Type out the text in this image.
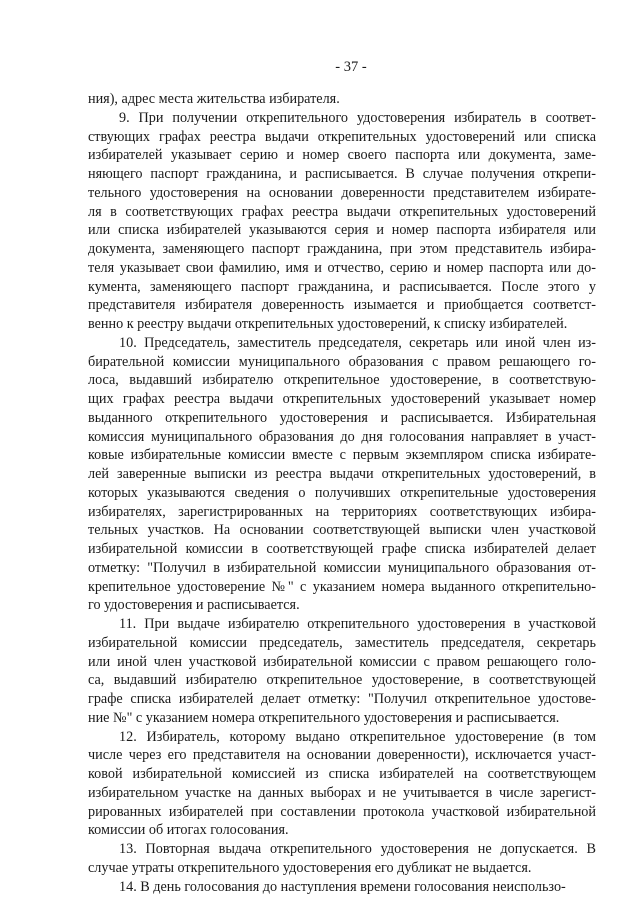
- 37 -
ния), адрес места жительства избирателя.
9. При получении открепительного удостоверения избиратель в соответ-
ствующих графах реестра выдачи открепительных удостоверений или списка
избирателей указывает серию и номер своего паспорта или документа, заме-
няющего паспорт гражданина, и расписывается. В случае получения открепи-
тельного удостоверения на основании доверенности представителем избирате-
ля в соответствующих графах реестра выдачи открепительных удостоверений
или списка избирателей указываются серия и номер паспорта избирателя или
документа, заменяющего паспорт гражданина, при этом представитель избира-
теля указывает свои фамилию, имя и отчество, серию и номер паспорта или до-
кумента, заменяющего паспорт гражданина, и расписывается. После этого у
представителя избирателя доверенность изымается и приобщается соответст-
венно к реестру выдачи открепительных удостоверений, к списку избирателей.
10. Председатель, заместитель председателя, секретарь или иной член из-
бирательной комиссии муниципального образования с правом решающего го-
лоса, выдавший избирателю открепительное удостоверение, в соответствую-
щих графах реестра выдачи открепительных удостоверений указывает номер
выданного открепительного удостоверения и расписывается. Избирательная
комиссия муниципального образования до дня голосования направляет в участ-
ковые избирательные комиссии вместе с первым экземпляром списка избирате-
лей заверенные выписки из реестра выдачи открепительных удостоверений, в
которых указываются сведения о получивших открепительные удостоверения
избирателях, зарегистрированных на территориях соответствующих избира-
тельных участков. На основании соответствующей выписки член участковой
избирательной комиссии в соответствующей графе списка избирателей делает
отметку: "Получил в избирательной комиссии муниципального образования от-
крепительное удостоверение №" с указанием номера выданного открепительно-
го удостоверения и расписывается.
11. При выдаче избирателю открепительного удостоверения в участковой
избирательной комиссии председатель, заместитель председателя, секретарь
или иной член участковой избирательной комиссии с правом решающего голо-
са, выдавший избирателю открепительное удостоверение, в соответствующей
графе списка избирателей делает отметку: "Получил открепительное удостове-
ние №" с указанием номера открепительного удостоверения и расписывается.
12. Избиратель, которому выдано открепительное удостоверение (в том
числе через его представителя на основании доверенности), исключается участ-
ковой избирательной комиссией из списка избирателей на соответствующем
избирательном участке на данных выборах и не учитывается в числе зарегист-
рированных избирателей при составлении протокола участковой избирательной
комиссии об итогах голосования.
13. Повторная выдача открепительного удостоверения не допускается. В
случае утраты открепительного удостоверения его дубликат не выдается.
14. В день голосования до наступления времени голосования неиспользо-
